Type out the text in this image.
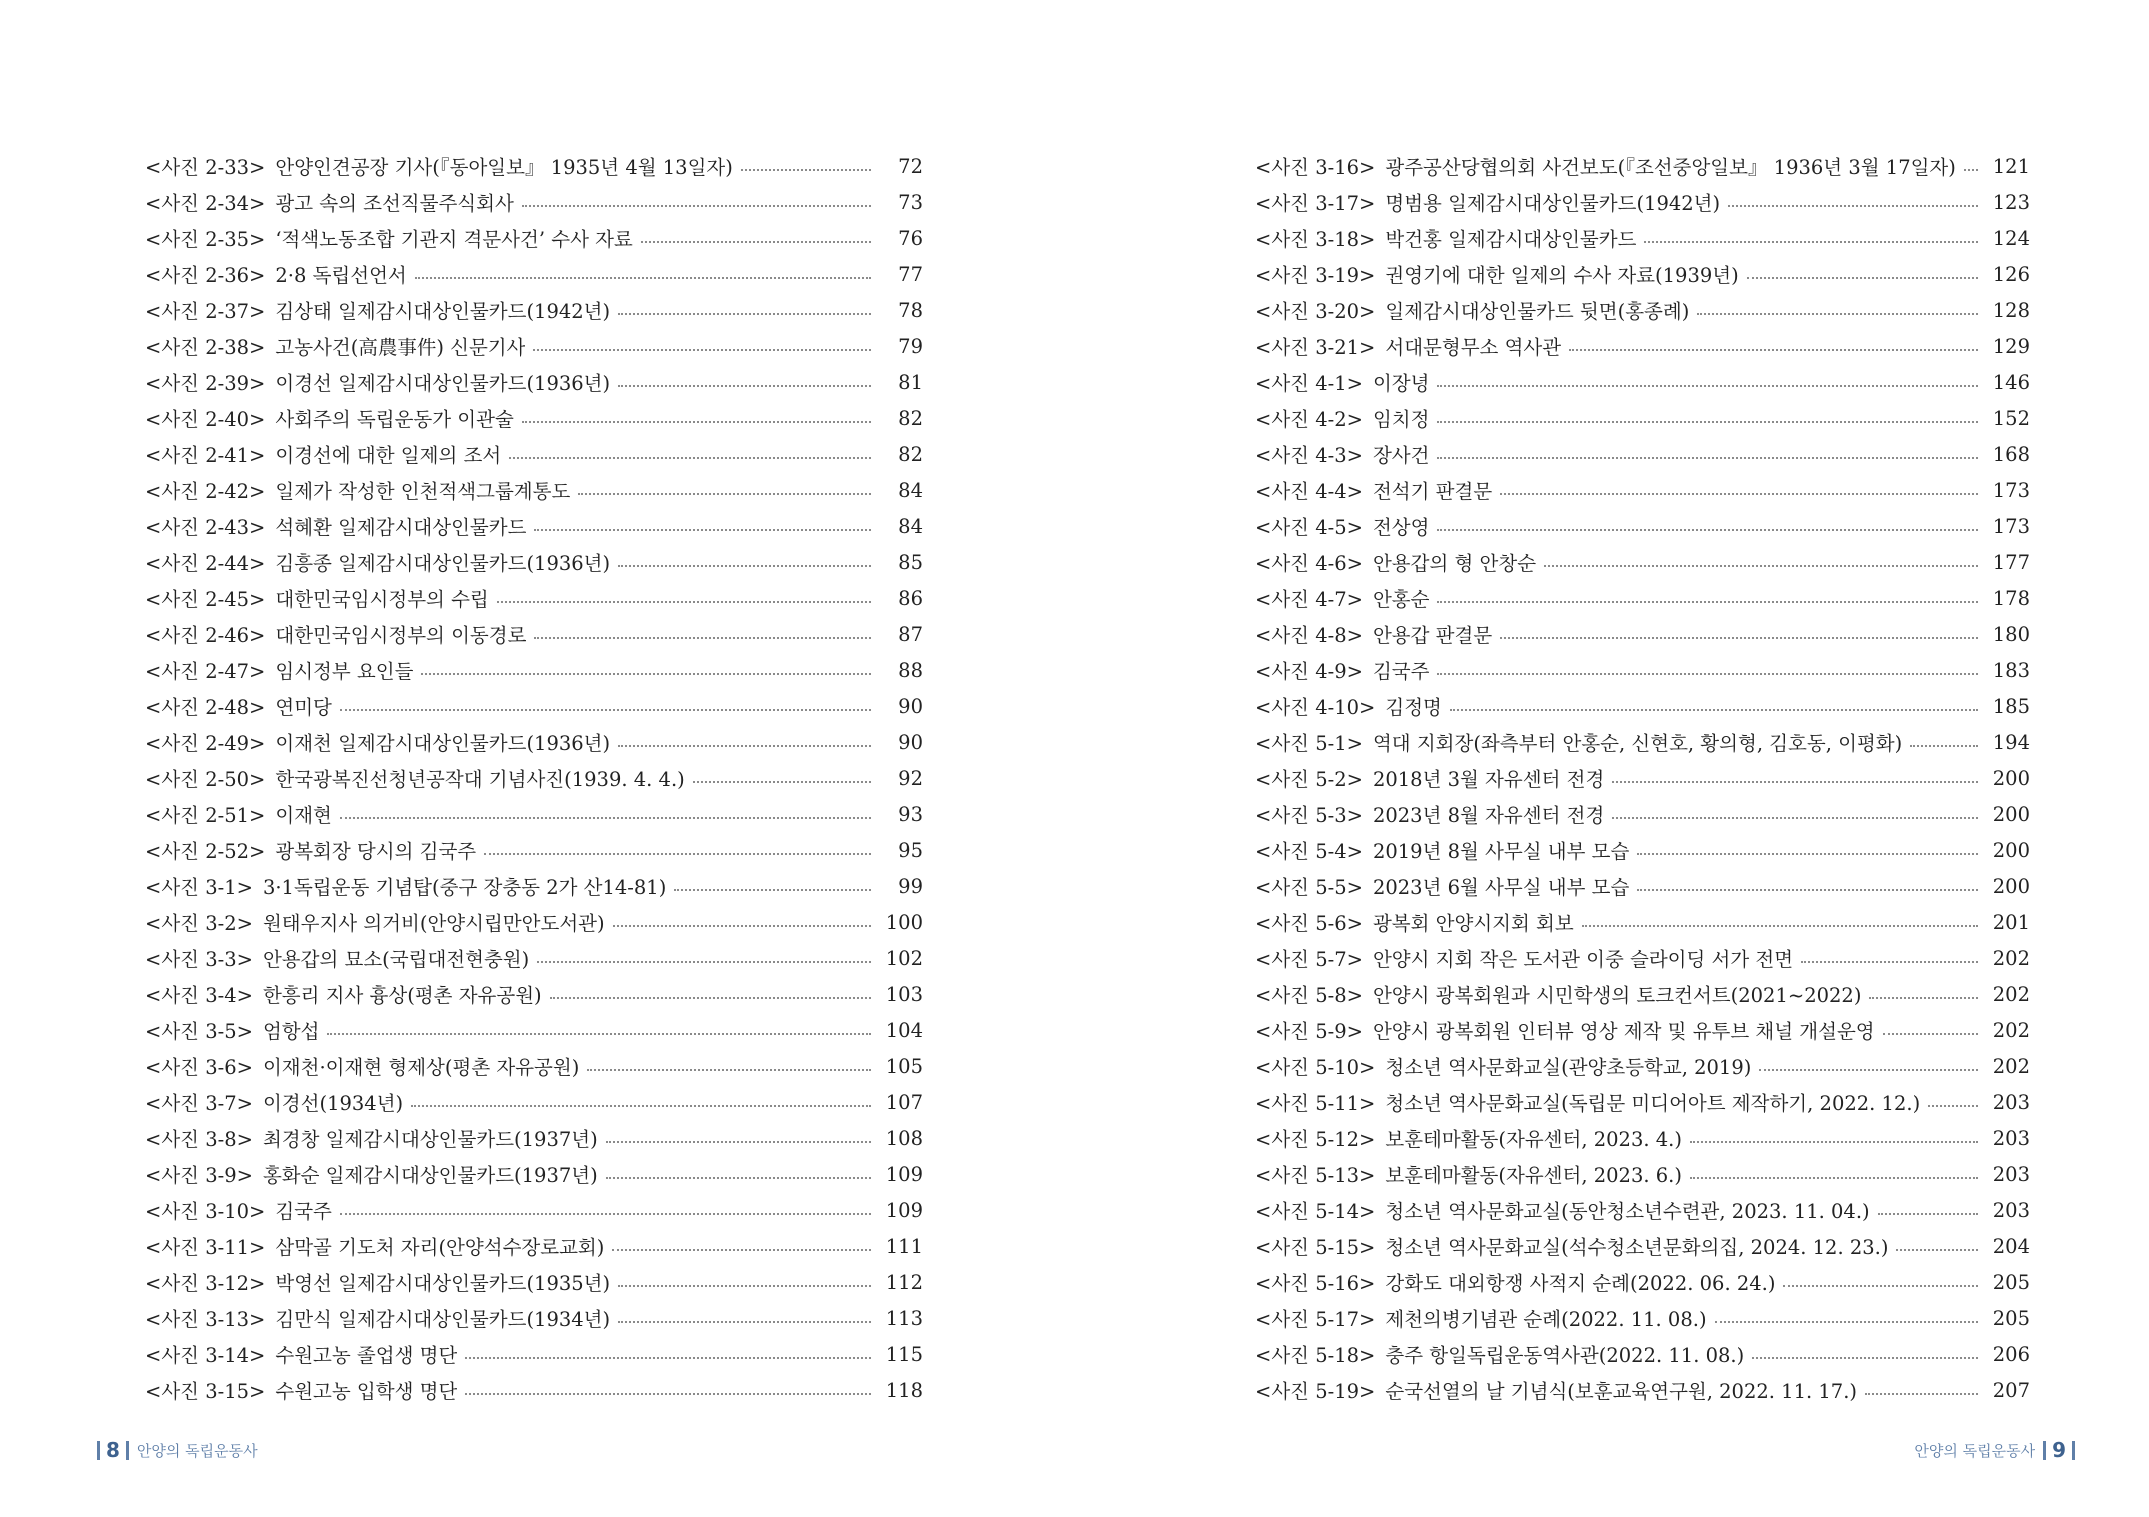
<사진 2-33> 안양인견공장 기사(『동아일보』 1935년 4월 13일자)	72
<사진 2-34> 광고 속의 조선직물주식회사	73
<사진 2-35> ‘적색노동조합 기관지 격문사건’ 수사 자료	76
<사진 2-36> 2·8 독립선언서	77
<사진 2-37> 김상태 일제감시대상인물카드(1942년)	78
<사진 2-38> 고농사건(高農事件) 신문기사	79
<사진 2-39> 이경선 일제감시대상인물카드(1936년)	81
<사진 2-40> 사회주의 독립운동가 이관술	82
<사진 2-41> 이경선에 대한 일제의 조서	82
<사진 2-42> 일제가 작성한 인천적색그룹계통도	84
<사진 2-43> 석혜환 일제감시대상인물카드	84
<사진 2-44> 김흥종 일제감시대상인물카드(1936년)	85
<사진 2-45> 대한민국임시정부의 수립	86
<사진 2-46> 대한민국임시정부의 이동경로	87
<사진 2-47> 임시정부 요인들	88
<사진 2-48> 연미당	90
<사진 2-49> 이재천 일제감시대상인물카드(1936년)	90
<사진 2-50> 한국광복진선청년공작대 기념사진(1939. 4. 4.)	92
<사진 2-51> 이재현	93
<사진 2-52> 광복회장 당시의 김국주	95
<사진 3-1> 3·1독립운동 기념탑(중구 장충동 2가 산14-81)	99
<사진 3-2> 원태우지사 의거비(안양시립만안도서관)	100
<사진 3-3> 안용갑의 묘소(국립대전현충원)	102
<사진 3-4> 한흥리 지사 흉상(평촌 자유공원)	103
<사진 3-5> 엄항섭	104
<사진 3-6> 이재천·이재현 형제상(평촌 자유공원)	105
<사진 3-7> 이경선(1934년)	107
<사진 3-8> 최경창 일제감시대상인물카드(1937년)	108
<사진 3-9> 홍화순 일제감시대상인물카드(1937년)	109
<사진 3-10> 김국주	109
<사진 3-11> 삼막골 기도처 자리(안양석수장로교회)	111
<사진 3-12> 박영선 일제감시대상인물카드(1935년)	112
<사진 3-13> 김만식 일제감시대상인물카드(1934년)	113
<사진 3-14> 수원고농 졸업생 명단	115
<사진 3-15> 수원고농 입학생 명단	118
8 안양의 독립운동사
<사진 3-16> 광주공산당협의회 사건보도(『조선중앙일보』 1936년 3월 17일자) 121
<사진 3-17> 명범용 일제감시대상인물카드(1942년)	123
<사진 3-18> 박건홍 일제감시대상인물카드	124
<사진 3-19> 권영기에 대한 일제의 수사 자료(1939년)	126
<사진 3-20> 일제감시대상인물카드 뒷면(홍종례)	128
<사진 3-21> 서대문형무소 역사관	129
<사진 4-1> 이장녕	146
<사진 4-2> 임치정	152
<사진 4-3> 장사건	168
<사진 4-4> 전석기 판결문	173
<사진 4-5> 전상영	173
<사진 4-6> 안용갑의 형 안창순	177
<사진 4-7> 안홍순	178
<사진 4-8> 안용갑 판결문	180
<사진 4-9> 김국주	183
<사진 4-10> 김정명	185
<사진 5-1> 역대 지회장(좌측부터 안홍순, 신현호, 황의형, 김호동, 이평화)	194
<사진 5-2> 2018년 3월 자유센터 전경	200
<사진 5-3> 2023년 8월 자유센터 전경	200
<사진 5-4> 2019년 8월 사무실 내부 모습	200
<사진 5-5> 2023년 6월 사무실 내부 모습	200
<사진 5-6> 광복회 안양시지회 회보	201
<사진 5-7> 안양시 지회 작은 도서관 이중 슬라이딩 서가 전면	202
<사진 5-8> 안양시 광복회원과 시민학생의 토크컨서트(2021~2022)	202
<사진 5-9> 안양시 광복회원 인터뷰 영상 제작 및 유투브 채널 개설운영	202
<사진 5-10> 청소년 역사문화교실(관양초등학교, 2019)	202
<사진 5-11> 청소년 역사문화교실(독립문 미디어아트 제작하기, 2022. 12.)	203
<사진 5-12> 보훈테마활동(자유센터, 2023. 4.)	203
<사진 5-13> 보훈테마활동(자유센터, 2023. 6.)	203
<사진 5-14> 청소년 역사문화교실(동안청소년수련관, 2023. 11. 04.)	203
<사진 5-15> 청소년 역사문화교실(석수청소년문화의집, 2024. 12. 23.)	204
<사진 5-16> 강화도 대외항쟁 사적지 순례(2022. 06. 24.)	205
<사진 5-17> 제천의병기념관 순례(2022. 11. 08.)	205
<사진 5-18> 충주 항일독립운동역사관(2022. 11. 08.)	206
<사진 5-19> 순국선열의 날 기념식(보훈교육연구원, 2022. 11. 17.)	207
안양의 독립운동사 9
